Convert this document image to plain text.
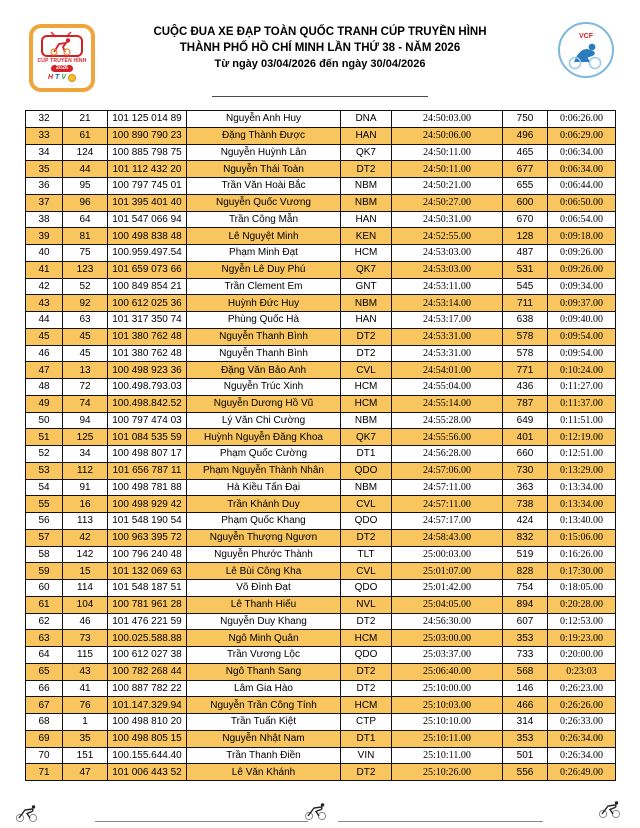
CÚP TRUYỀN HÌNH
2026
H T V
CUỘC ĐUA XE ĐẠP TOÀN QUỐC TRANH CÚP TRUYỀN HÌNH
THÀNH PHỐ HỒ CHÍ MINH LẦN THỨ 38 - NĂM 2026
Từ ngày 03/04/2026 đến ngày 30/04/2026
VCF
32	21	101 125 014 89	Nguyễn Anh Huy	DNA	24:50:03.00	750	0:06:26.00
33	61	100 890 790 23	Đặng Thành Được	HAN	24:50:06.00	496	0:06:29.00
34	124	100 885 798 75	Nguyễn Huỳnh Lân	QK7	24:50:11.00	465	0:06:34.00
35	44	101 112 432 20	Nguyễn Thái Toàn	DT2	24:50:11.00	677	0:06:34.00
36	95	100 797 745 01	Trần Văn Hoài Bắc	NBM	24:50:21.00	655	0:06:44.00
37	96	101 395 401 40	Nguyễn Quốc Vương	NBM	24:50:27.00	600	0:06:50.00
38	64	101 547 066 94	Trần Công Mẫn	HAN	24:50:31.00	670	0:06:54.00
39	81	100 498 838 48	Lê Nguyệt Minh	KEN	24:52:55.00	128	0:09:18.00
40	75	100.959.497.54	Phạm Minh Đạt	HCM	24:53:03.00	487	0:09:26.00
41	123	101 659 073 66	Ngyễn Lê Duy Phú	QK7	24:53:03.00	531	0:09:26.00
42	52	100 849 854 21	Trần Clement Em	GNT	24:53:11.00	545	0:09:34.00
43	92	100 612 025 36	Huỳnh Đức Huy	NBM	24:53:14.00	711	0:09:37.00
44	63	101 317 350 74	Phùng Quốc Hà	HAN	24:53:17.00	638	0:09:40.00
45	45	101 380 762 48	Nguyễn Thanh Bình	DT2	24:53:31.00	578	0:09:54.00
46	45	101 380 762 48	Nguyễn Thanh Bình	DT2	24:53:31.00	578	0:09:54.00
47	13	100 498 923 36	Đặng Văn Bảo Anh	CVL	24:54:01.00	771	0:10:24.00
48	72	100.498.793.03	Nguyễn Trúc Xinh	HCM	24:55:04.00	436	0:11:27.00
49	74	100.498.842.52	Nguyễn Dương Hồ Vũ	HCM	24:55:14.00	787	0:11:37.00
50	94	100 797 474 03	Lý Văn Chi Cường	NBM	24:55:28.00	649	0:11:51.00
51	125	101 084 535 59	Huỳnh Nguyễn Đăng Khoa	QK7	24:55:56.00	401	0:12:19.00
52	34	100 498 807 17	Phạm Quốc Cường	DT1	24:56:28.00	660	0:12:51.00
53	112	101 656 787 11	Phạm Nguyễn Thành Nhân	QDO	24:57:06.00	730	0:13:29.00
54	91	100 498 781 88	Hà Kiều Tấn Đại	NBM	24:57:11.00	363	0:13:34.00
55	16	100 498 929 42	Trần Khánh Duy	CVL	24:57:11.00	738	0:13:34.00
56	113	101 548 190 54	Phạm Quốc Khang	QDO	24:57:17.00	424	0:13:40.00
57	42	100 963 395 72	Nguyễn Thượng Ngươn	DT2	24:58:43.00	832	0:15:06.00
58	142	100 796 240 48	Nguyễn Phước Thành	TLT	25:00:03.00	519	0:16:26.00
59	15	101 132 069 63	Lê Bùi Công Kha	CVL	25:01:07.00	828	0:17:30.00
60	114	101 548 187 51	Võ Đình Đạt	QDO	25:01:42.00	754	0:18:05.00
61	104	100 781 961 28	Lê Thanh Hiếu	NVL	25:04:05.00	894	0:20:28.00
62	46	101 476 221 59	Nguyễn Duy Khang	DT2	24:56:30.00	607	0:12:53.00
63	73	100.025.588.88	Ngô Minh Quân	HCM	25:03:00.00	353	0:19:23.00
64	115	100 612 027 38	Trần Vương Lộc	QDO	25:03:37.00	733	0:20:00.00
65	43	100 782 268 44	Ngô Thanh Sang	DT2	25:06:40.00	568	0:23:03
66	41	100 887 782 22	Lâm Gia Hào	DT2	25:10:00.00	146	0:26:23.00
67	76	101.147.329.94	Nguyễn Trần Công Tính	HCM	25:10:03.00	466	0:26:26.00
68	1	100 498 810 20	Trần Tuấn Kiệt	CTP	25:10:10.00	314	0:26:33.00
69	35	100 498 805 15	Nguyễn Nhật Nam	DT1	25:10:11.00	353	0:26:34.00
70	151	100.155.644.40	Trần Thanh Điền	VIN	25:10:11.00	501	0:26:34.00
71	47	101 006 443 52	Lê Văn Khánh	DT2	25:10:26.00	556	0:26:49.00
